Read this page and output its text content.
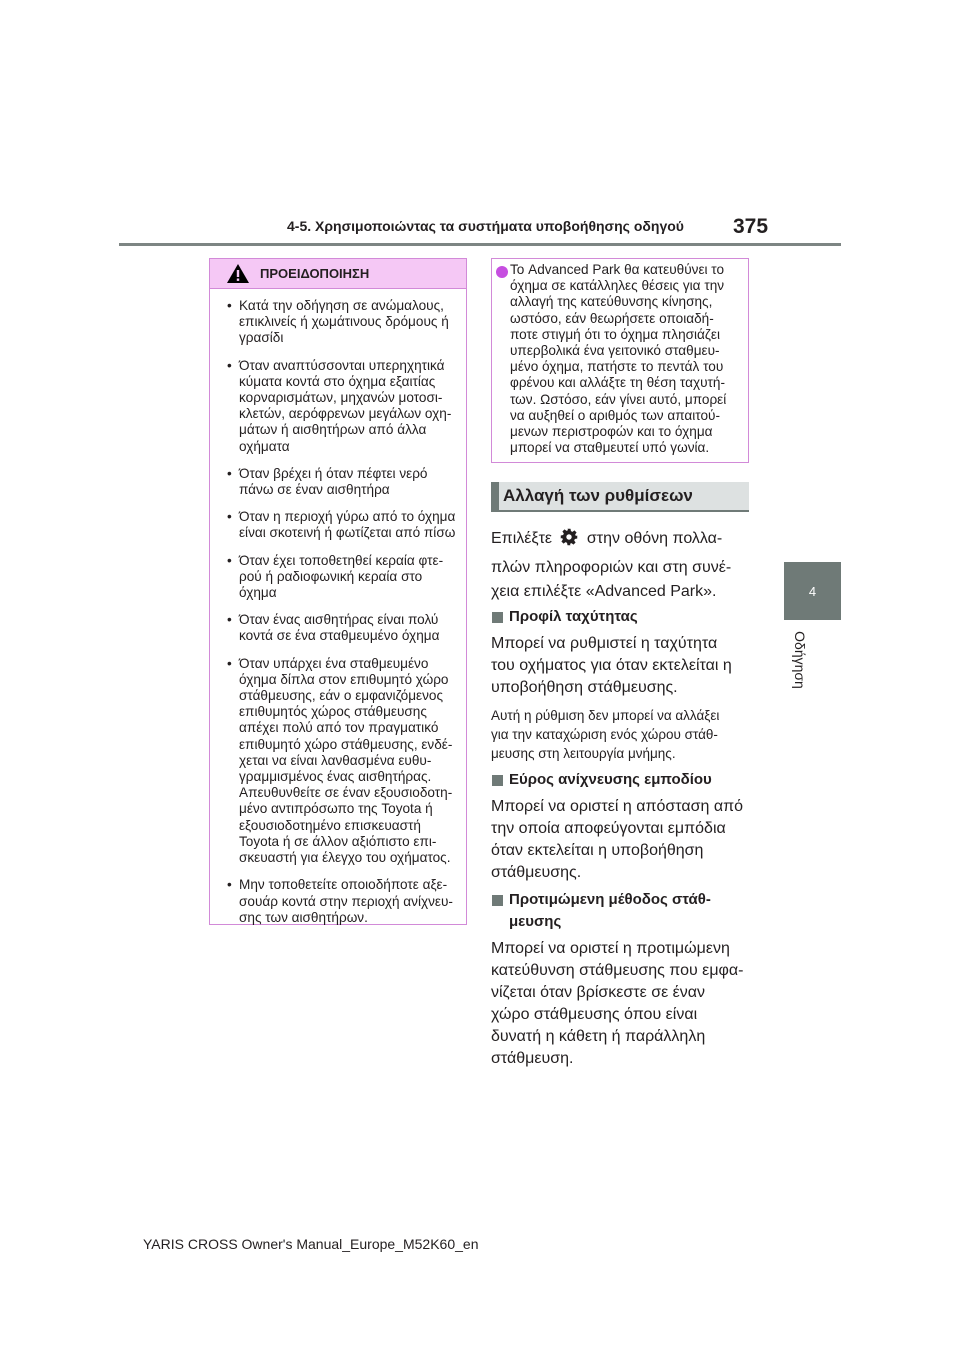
4-5. Χρησιμοποιώντας τα συστήματα υποβοήθησης οδηγού 375
4
Οδήγηση
ΠΡΟΕΙΔΟΠΟΙΗΣΗ
• Κατά την οδήγηση σε ανώμαλους,
επικλινείς ή χωμάτινους δρόμους ή
γρασίδι
• Όταν αναπτύσσονται υπερηχητικά
κύματα κοντά στο όχημα εξαιτίας
κορναρισμάτων, μηχανών μοτοσι-
κλετών, αερόφρενων μεγάλων οχη-
μάτων ή αισθητήρων από άλλα
οχήματα
• Όταν βρέχει ή όταν πέφτει νερό
πάνω σε έναν αισθητήρα
• Όταν η περιοχή γύρω από το όχημα
είναι σκοτεινή ή φωτίζεται από πίσω
• Όταν έχει τοποθετηθεί κεραία φτε-
ρού ή ραδιοφωνική κεραία στο
όχημα
• Όταν ένας αισθητήρας είναι πολύ
κοντά σε ένα σταθμευμένο όχημα
• Όταν υπάρχει ένα σταθμευμένο
όχημα δίπλα στον επιθυμητό χώρο
στάθμευσης, εάν ο εμφανιζόμενος
επιθυμητός χώρος στάθμευσης
απέχει πολύ από τον πραγματικό
επιθυμητό χώρο στάθμευσης, ενδέ-
χεται να είναι λανθασμένα ευθυ-
γραμμισμένος ένας αισθητήρας.
Απευθυνθείτε σε έναν εξουσιοδοτη-
μένο αντιπρόσωπο της Toyota ή
εξουσιοδοτημένο επισκευαστή
Toyota ή σε άλλον αξιόπιστο επι-
σκευαστή για έλεγχο του οχήματος.
• Μην τοποθετείτε οποιοδήποτε αξε-
σουάρ κοντά στην περιοχή ανίχνευ-
σης των αισθητήρων.
Το Advanced Park θα κατευθύνει το
όχημα σε κατάλληλες θέσεις για την
αλλαγή της κατεύθυνσης κίνησης,
ωστόσο, εάν θεωρήσετε οποιαδή-
ποτε στιγμή ότι το όχημα πλησιάζει
υπερβολικά ένα γειτονικό σταθμευ-
μένο όχημα, πατήστε το πεντάλ του
φρένου και αλλάξτε τη θέση ταχυτή-
των. Ωστόσο, εάν γίνει αυτό, μπορεί
να αυξηθεί ο αριθμός των απαιτού-
μενων περιστροφών και το όχημα
μπορεί να σταθμευτεί υπό γωνία.
Αλλαγή των ρυθμίσεων
Επιλέξτε στην οθόνη πολλα-
πλών πληροφοριών και στη συνέ-
χεια επιλέξτε «Advanced Park».
Προφίλ ταχύτητας
Μπορεί να ρυθμιστεί η ταχύτητα
του οχήματος για όταν εκτελείται η
υποβοήθηση στάθμευσης.
Αυτή η ρύθμιση δεν μπορεί να αλλάξει
για την καταχώριση ενός χώρου στάθ-
μευσης στη λειτουργία μνήμης.
Εύρος ανίχνευσης εμποδίου
Μπορεί να οριστεί η απόσταση από
την οποία αποφεύγονται εμπόδια
όταν εκτελείται η υποβοήθηση
στάθμευσης.
Προτιμώμενη μέθοδος στάθ-
μευσης
Μπορεί να οριστεί η προτιμώμενη
κατεύθυνση στάθμευσης που εμφα-
νίζεται όταν βρίσκεστε σε έναν
χώρο στάθμευσης όπου είναι
δυνατή η κάθετη ή παράλληλη
στάθμευση.
YARIS CROSS Owner's Manual_Europe_M52K60_en
